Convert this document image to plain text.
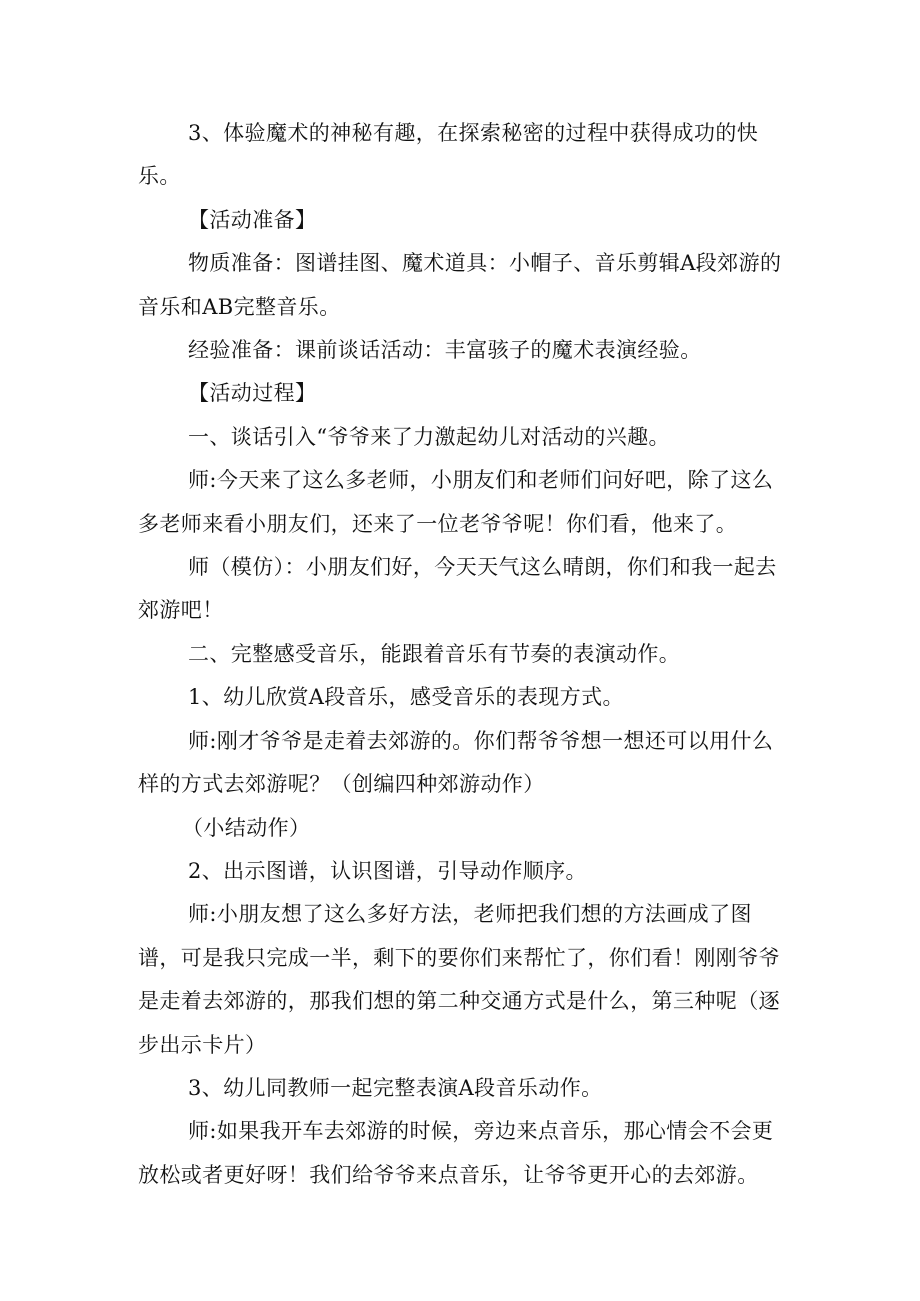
3、体验魔术的神秘有趣，在探索秘密的过程中获得成功的快乐。

【活动准备】

物质准备：图谱挂图、魔术道具：小帽子、音乐剪辑A段郊游的音乐和AB完整音乐。

经验准备：课前谈话活动：丰富骇子的魔术表演经验。

【活动过程】

一、谈话引入“爷爷来了力激起幼儿对活动的兴趣。

师:今天来了这么多老师，小朋友们和老师们问好吧，除了这么多老师来看小朋友们，还来了一位老爷爷呢！你们看，他来了。

师（模仿）：小朋友们好，今天天气这么晴朗，你们和我一起去郊游吧！

二、完整感受音乐，能跟着音乐有节奏的表演动作。

1、幼儿欣赏A段音乐，感受音乐的表现方式。

师:刚才爷爷是走着去郊游的。你们帮爷爷想一想还可以用什么样的方式去郊游呢？（创编四种郊游动作）

（小结动作）

2、出示图谱，认识图谱，引导动作顺序。

师:小朋友想了这么多好方法，老师把我们想的方法画成了图谱，可是我只完成一半，剩下的要你们来帮忙了，你们看！刚刚爷爷是走着去郊游的，那我们想的第二种交通方式是什么，第三种呢（逐步出示卡片）

3、幼儿同教师一起完整表演A段音乐动作。

师:如果我开车去郊游的时候，旁边来点音乐，那心情会不会更放松或者更好呀！我们给爷爷来点音乐，让爷爷更开心的去郊游。
